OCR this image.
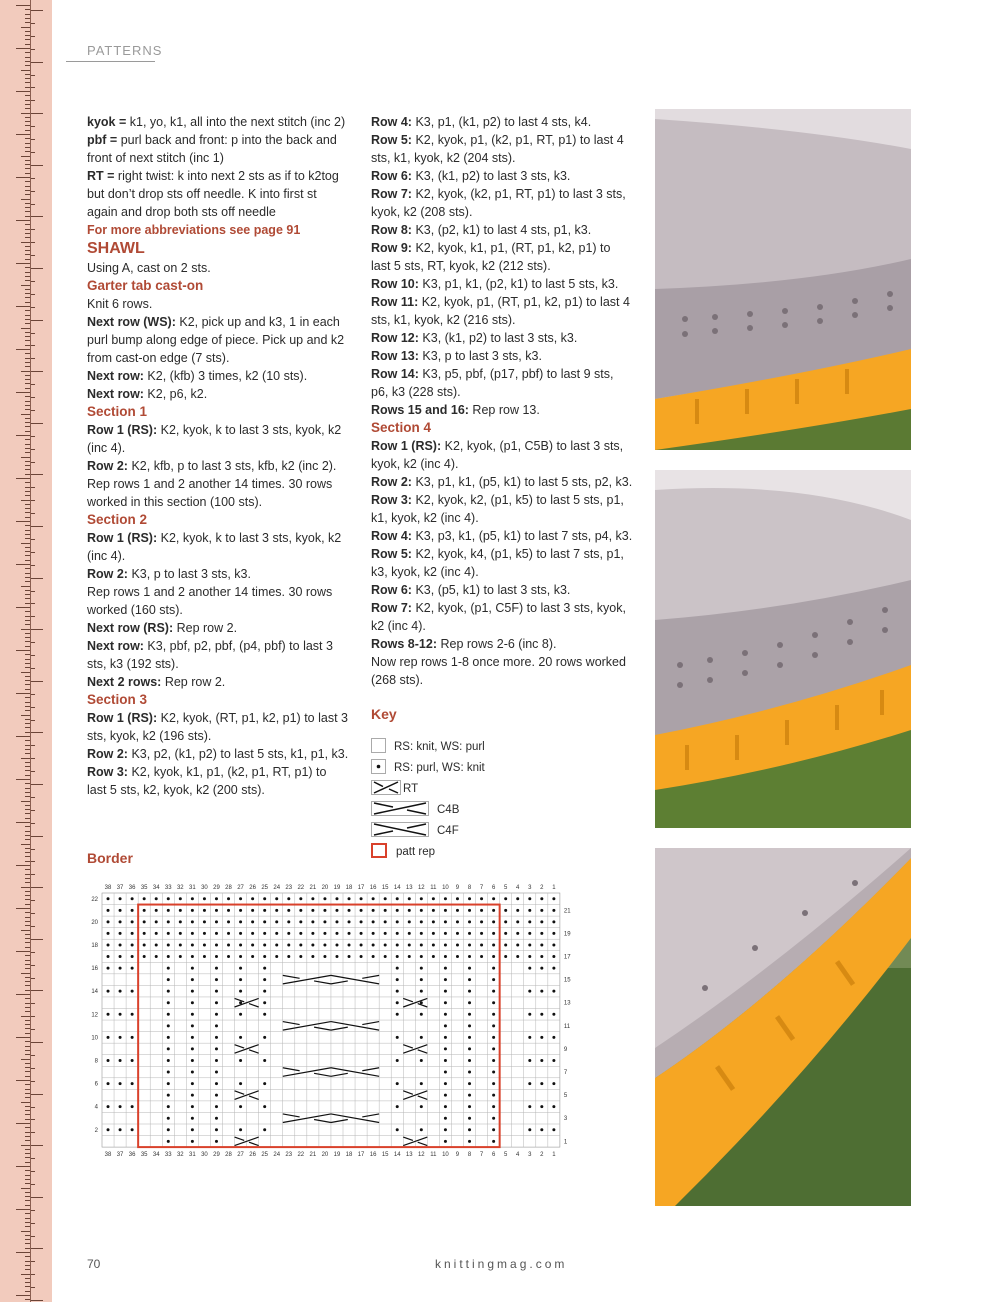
PATTERNS

kyok = k1, yo, k1, all into the next stitch (inc 2)

pbf = purl back and front: p into the back and front of next stitch (inc 1)

RT = right twist: k into next 2 sts as if to k2tog but don’t drop sts off needle. K into first st again and drop both sts off needle

For more abbreviations see page 91

SHAWL

Using A, cast on 2 sts.

Garter tab cast-on

Knit 6 rows.

Next row (WS): K2, pick up and k3, 1 in each purl bump along edge of piece. Pick up and k2 from cast-on edge (7 sts).

Next row: K2, (kfb) 3 times, k2 (10 sts).

Next row: K2, p6, k2.

Section 1

Row 1 (RS): K2, kyok, k to last 3 sts, kyok, k2 (inc 4).

Row 2: K2, kfb, p to last 3 sts, kfb, k2 (inc 2).

Rep rows 1 and 2 another 14 times. 30 rows worked in this section (100 sts).

Section 2

Row 1 (RS): K2, kyok, k to last 3 sts, kyok, k2 (inc 4).

Row 2: K3, p to last 3 sts, k3.

Rep rows 1 and 2 another 14 times. 30 rows worked (160 sts).

Next row (RS): Rep row 2.

Next row: K3, pbf, p2, pbf, (p4, pbf) to last 3 sts, k3 (192 sts).

Next 2 rows: Rep row 2.

Section 3

Row 1 (RS): K2, kyok, (RT, p1, k2, p1) to last 3 sts, kyok, k2 (196 sts).

Row 2: K3, p2, (k1, p2) to last 5 sts, k1, p1, k3.

Row 3: K2, kyok, k1, p1, (k2, p1, RT, p1) to last 5 sts, k2, kyok, k2 (200 sts).

Row 4: K3, p1, (k1, p2) to last 4 sts, k4.

Row 5: K2, kyok, p1, (k2, p1, RT, p1) to last 4 sts, k1, kyok, k2 (204 sts).

Row 6: K3, (k1, p2) to last 3 sts, k3.

Row 7: K2, kyok, (k2, p1, RT, p1) to last 3 sts, kyok, k2 (208 sts).

Row 8: K3, (p2, k1) to last 4 sts, p1, k3.

Row 9: K2, kyok, k1, p1, (RT, p1, k2, p1) to last 5 sts, RT, kyok, k2 (212 sts).

Row 10: K3, p1, k1, (p2, k1) to last 5 sts, k3.

Row 11: K2, kyok, p1, (RT, p1, k2, p1) to last 4 sts, k1, kyok, k2 (216 sts).

Row 12: K3, (k1, p2) to last 3 sts, k3.

Row 13: K3, p to last 3 sts, k3.

Row 14: K3, p5, pbf, (p17, pbf) to last 9 sts, p6, k3 (228 sts).

Rows 15 and 16: Rep row 13.

Section 4

Row 1 (RS): K2, kyok, (p1, C5B) to last 3 sts, kyok, k2 (inc 4).

Row 2: K3, p1, k1, (p5, k1) to last 5 sts, p2, k3.

Row 3: K2, kyok, k2, (p1, k5) to last 5 sts, p1, k1, kyok, k2 (inc 4).

Row 4: K3, p3, k1, (p5, k1) to last 7 sts, p4, k3.

Row 5: K2, kyok, k4, (p1, k5) to last 7 sts, p1, k3, kyok, k2 (inc 4).

Row 6: K3, (p5, k1) to last 3 sts, k3.

Row 7: K2, kyok, (p1, C5F) to last 3 sts, kyok, k2 (inc 4).

Rows 8-12: Rep rows 2-6 (inc 8).

Now rep rows 1-8 once more. 20 rows worked (268 sts).

Key
RS: knit, WS: purl
RS: purl, WS: knit
RT
C4B
C4F
patt rep
Border
38
38
37
37
36
36
35
35
34
34
33
33
32
32
31
31
30
30
29
29
28
28
27
27
26
26
25
25
24
24
23
23
22
22
21
21
20
20
19
19
18
18
17
17
16
16
15
15
14
14
13
13
12
12
11
11
10
10
9
9
8
8
7
7
6
6
5
5
4
4
3
3
2
2
1
1
22
20
18
16
14
12
10
8
6
4
2
21
19
17
15
13
11
9
7
5
3
1
70	knittingmag.com
